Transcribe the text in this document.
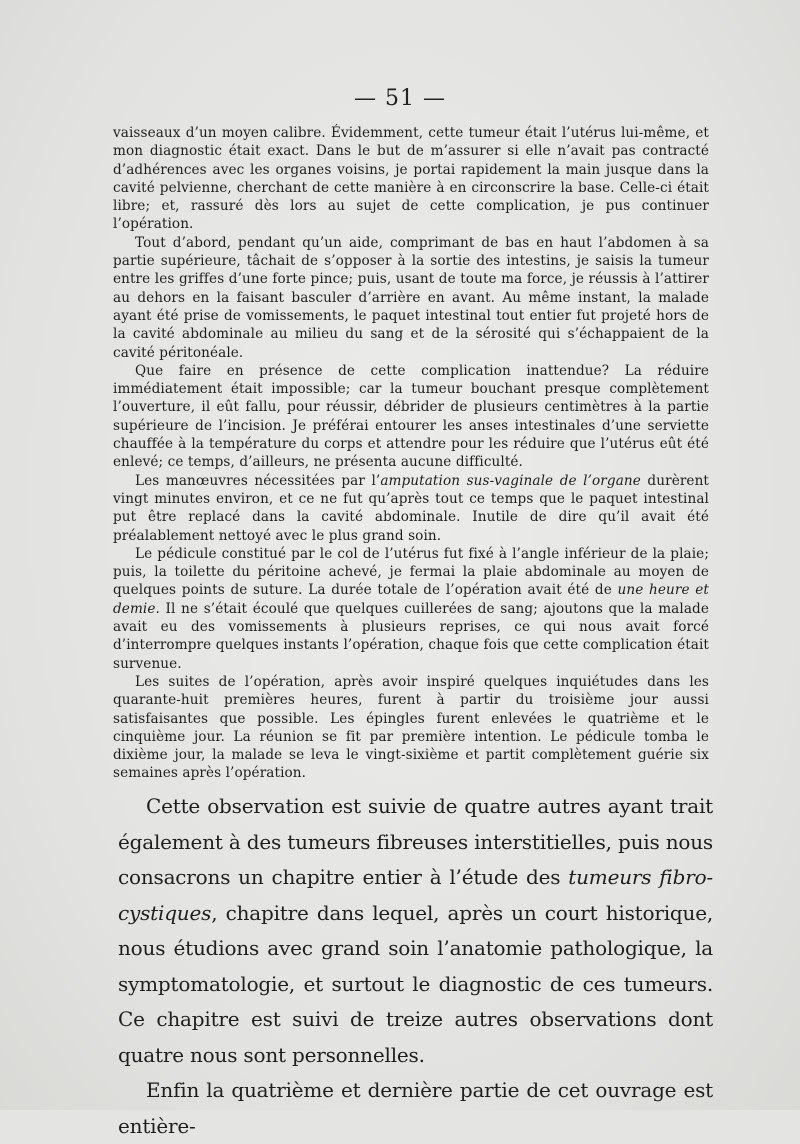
— 51 —

vaisseaux d’un moyen calibre. Évidemment, cette tumeur était l’utérus lui-même, et mon diagnostic était exact. Dans le but de m’assurer si elle n’avait pas contracté d’adhérences avec les organes voisins, je portai rapidement la main jusque dans la cavité pelvienne, cherchant de cette manière à en circonscrire la base. Celle-ci était libre; et, rassuré dès lors au sujet de cette complication, je pus continuer l’opération.

Tout d’abord, pendant qu’un aide, comprimant de bas en haut l’abdomen à sa partie supérieure, tâchait de s’opposer à la sortie des intestins, je saisis la tumeur entre les griffes d’une forte pince; puis, usant de toute ma force, je réussis à l’attirer au dehors en la faisant basculer d’arrière en avant. Au même instant, la malade ayant été prise de vomissements, le paquet intestinal tout entier fut projeté hors de la cavité abdominale au milieu du sang et de la sérosité qui s’échappaient de la cavité péritonéale.

Que faire en présence de cette complication inattendue? La réduire immédiatement était impossible; car la tumeur bouchant presque complètement l’ouverture, il eût fallu, pour réussir, débrider de plusieurs centimètres à la partie supérieure de l’incision. Je préférai entourer les anses intestinales d’une serviette chauffée à la température du corps et attendre pour les réduire que l’utérus eût été enlevé; ce temps, d’ailleurs, ne présenta aucune difficulté.

Les manœuvres nécessitées par l’amputation sus-vaginale de l’organe durèrent vingt minutes environ, et ce ne fut qu’après tout ce temps que le paquet intestinal put être replacé dans la cavité abdominale. Inutile de dire qu’il avait été préalablement nettoyé avec le plus grand soin.

Le pédicule constitué par le col de l’utérus fut fixé à l’angle inférieur de la plaie; puis, la toilette du péritoine achevé, je fermai la plaie abdominale au moyen de quelques points de suture. La durée totale de l’opération avait été de une heure et demie. Il ne s’était écoulé que quelques cuillerées de sang; ajoutons que la malade avait eu des vomissements à plusieurs reprises, ce qui nous avait forcé d’interrompre quelques instants l’opération, chaque fois que cette complication était survenue.

Les suites de l’opération, après avoir inspiré quelques inquiétudes dans les quarante-huit premières heures, furent à partir du troisième jour aussi satisfaisantes que possible. Les épingles furent enlevées le quatrième et le cinquième jour. La réunion se fit par première intention. Le pédicule tomba le dixième jour, la malade se leva le vingt-sixième et partit complètement guérie six semaines après l’opération.

Cette observation est suivie de quatre autres ayant trait également à des tumeurs fibreuses interstitielles, puis nous consacrons un chapitre entier à l’étude des tumeurs fibro-cystiques, chapitre dans lequel, après un court historique, nous étudions avec grand soin l’anatomie pathologique, la symptomatologie, et surtout le diagnostic de ces tumeurs. Ce chapitre est suivi de treize autres observations dont quatre nous sont personnelles.

Enfin la quatrième et dernière partie de cet ouvrage est entière-
